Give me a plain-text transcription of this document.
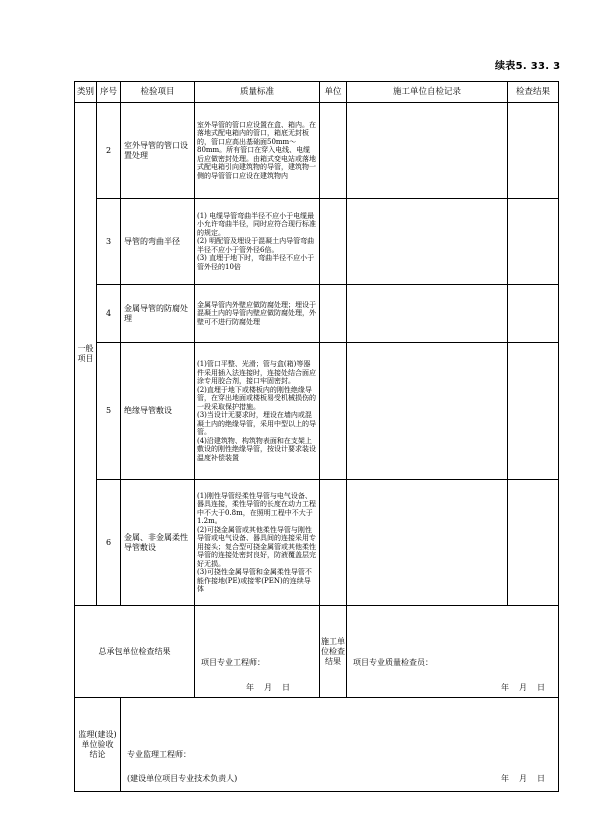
续表5. 33. 3
类别	序号	检验项目	质量标准	单位	施工单位自检记录	检查结果
一般
项目	2	室外导管的管口设置处理	室外导管的管口应设置在盒、箱内。在落地式配电箱内的管口，箱底无封板的，管口应高出基础面50mm～80mm。所有管口在穿入电线、电缆后应做密封处理。由箱式变电站或落地式配电箱引向建筑物的导管，建筑物一侧的导管管口应设在建筑物内			
	3	导管的弯曲半径	(1) 电缆导管弯曲半径不应小于电缆最小允许弯曲半径，同时应符合现行标准的规定。
(2) 明配管及埋设于混凝土内导管弯曲半径不应小于管外径6倍。
(3) 直埋于地下时，弯曲半径不应小于管外径的10倍			
	4	金属导管的防腐处理	金属导管内外壁应做防腐处理；埋设于混凝土内的导管内壁应做防腐处理，外壁可不进行防腐处理			
	5	绝缘导管敷设	(1)管口平整、光滑；管与盒(箱)等器件采用插入法连接时，连接处结合面应涂专用胶合剂，接口牢固密封。
(2)直埋于地下或楼板内的刚性绝缘导管，在穿出地面或楼板易受机械损伤的一段采取保护措施。
(3)当设计无要求时，埋设在墙内或混凝土内的绝缘导管，采用中型以上的导管。
(4)沿建筑物、构筑物表面和在支架上敷设的刚性绝缘导管，按设计要求装设温度补偿装置			
	6	金属、非金属柔性导管敷设	(1)刚性导管经柔性导管与电气设备、器具连接，柔性导管的长度在动力工程中不大于0.8m，在照明工程中不大于1.2m。
(2)可挠金属管或其他柔性导管与刚性导管或电气设备、器具间的连接采用专用接头；复合型可挠金属管或其他柔性导管的连接处密封良好，防液覆盖层完好无损。
(3)可挠性金属导管和金属柔性导管不能作接地(PE)或接零(PEN)的连续导体			
总承包单位检查结果			项目专业工程师：	施工单位检查结果	项目专业质量检查员：
年　月　日	

监理(建设)单位验收结论		专业监理工程师：
(建设单位项目专业技术负责人) 年　月　日				
年　月　日
